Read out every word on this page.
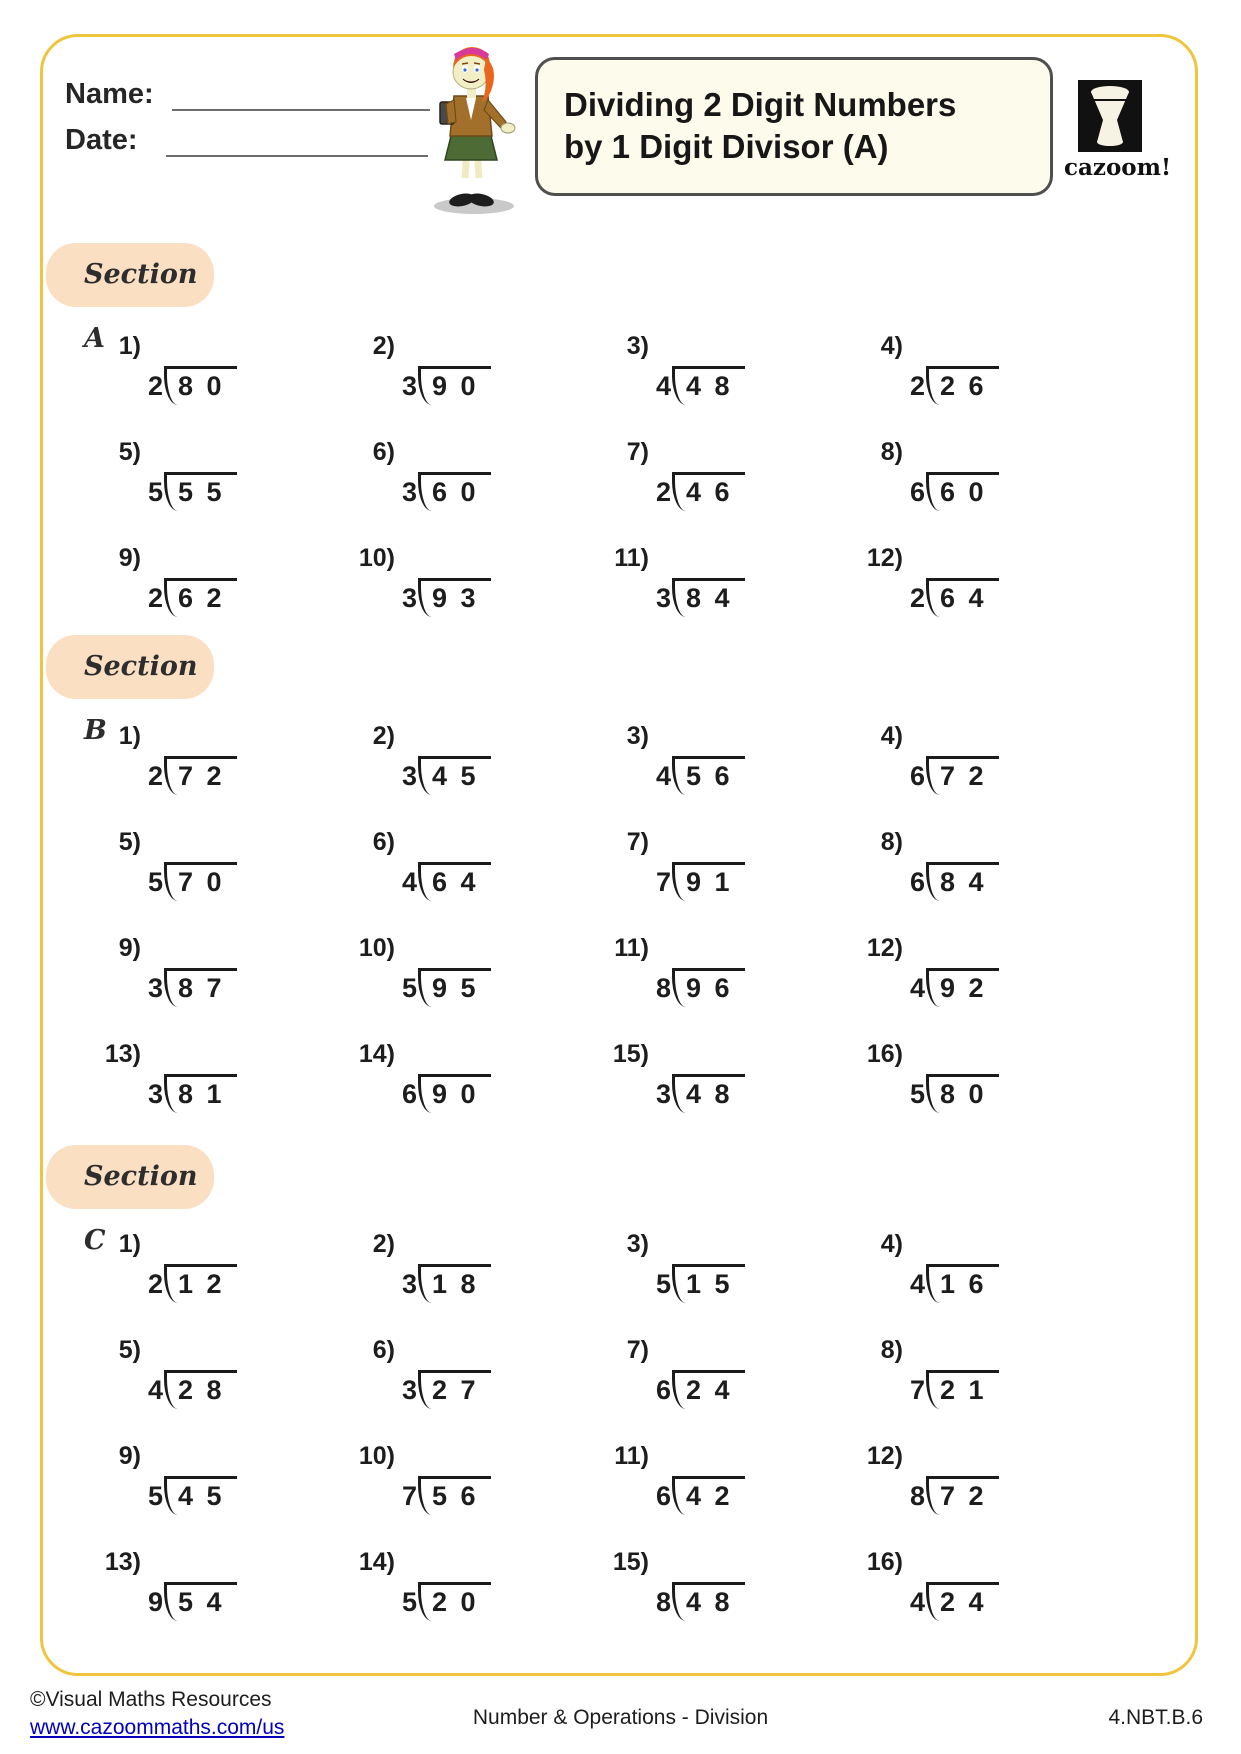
Name:
Date:
Dividing 2 Digit Numbers
by 1 Digit Divisor (A)
cazoom!
Section A
Section B
Section C
1)
2 8 0
2)
3 9 0
3)
4 4 8
4)
2 2 6
5)
5 5 5
6)
3 6 0
7)
2 4 6
8)
6 6 0
9)
2 6 2
10)
3 9 3
11)
3 8 4
12)
2 6 4
1)
2 7 2
2)
3 4 5
3)
4 5 6
4)
6 7 2
5)
5 7 0
6)
4 6 4
7)
7 9 1
8)
6 8 4
9)
3 8 7
10)
5 9 5
11)
8 9 6
12)
4 9 2
13)
3 8 1
14)
6 9 0
15)
3 4 8
16)
5 8 0
1)
2 1 2
2)
3 1 8
3)
5 1 5
4)
4 1 6
5)
4 2 8
6)
3 2 7
7)
6 2 4
8)
7 2 1
9)
5 4 5
10)
7 5 6
11)
6 4 2
12)
8 7 2
13)
9 5 4
14)
5 2 0
15)
8 4 8
16)
4 2 4
©Visual Maths Resources
www.cazoommaths.com/us	Number & Operations - Division	4.NBT.B.6
